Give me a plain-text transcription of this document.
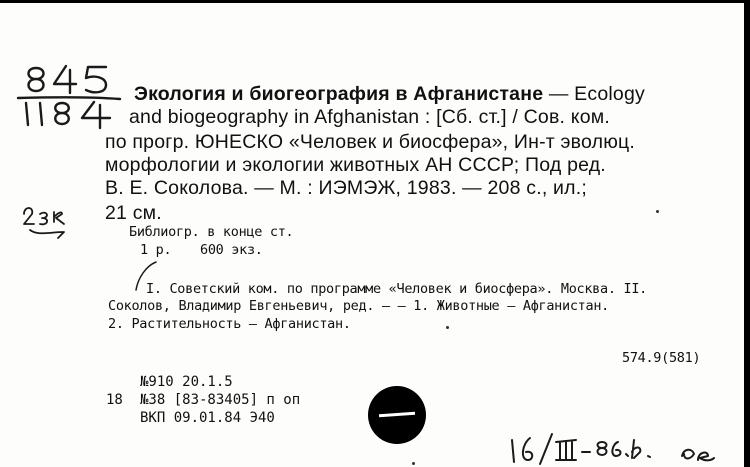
Экология и биогеография в Афганистане — Ecology
and biogeography in Afghanistan : [Сб. ст.] / Сов. ком.
по прогр. ЮНЕСКО «Человек и биосфера», Ин-т эволюц.
морфологии и экологии животных АН СССР; Под ред.
В. Е. Соколова. — М. : ИЭМЭЖ, 1983. — 208 с., ил.;
21 см.
Библиогр. в конце ст.
1 р. 600 экз.
I. Советский ком. по программе «Человек и биосфера». Москва. II.
Соколов, Владимир Евгеньевич, ред. — — 1. Животные — Афганистан.
2. Растительность — Афганистан.
574.9(581)
№910 20.1.5
18 №38 [83-83405] п оп
ВКП 09.01.84 Э40
